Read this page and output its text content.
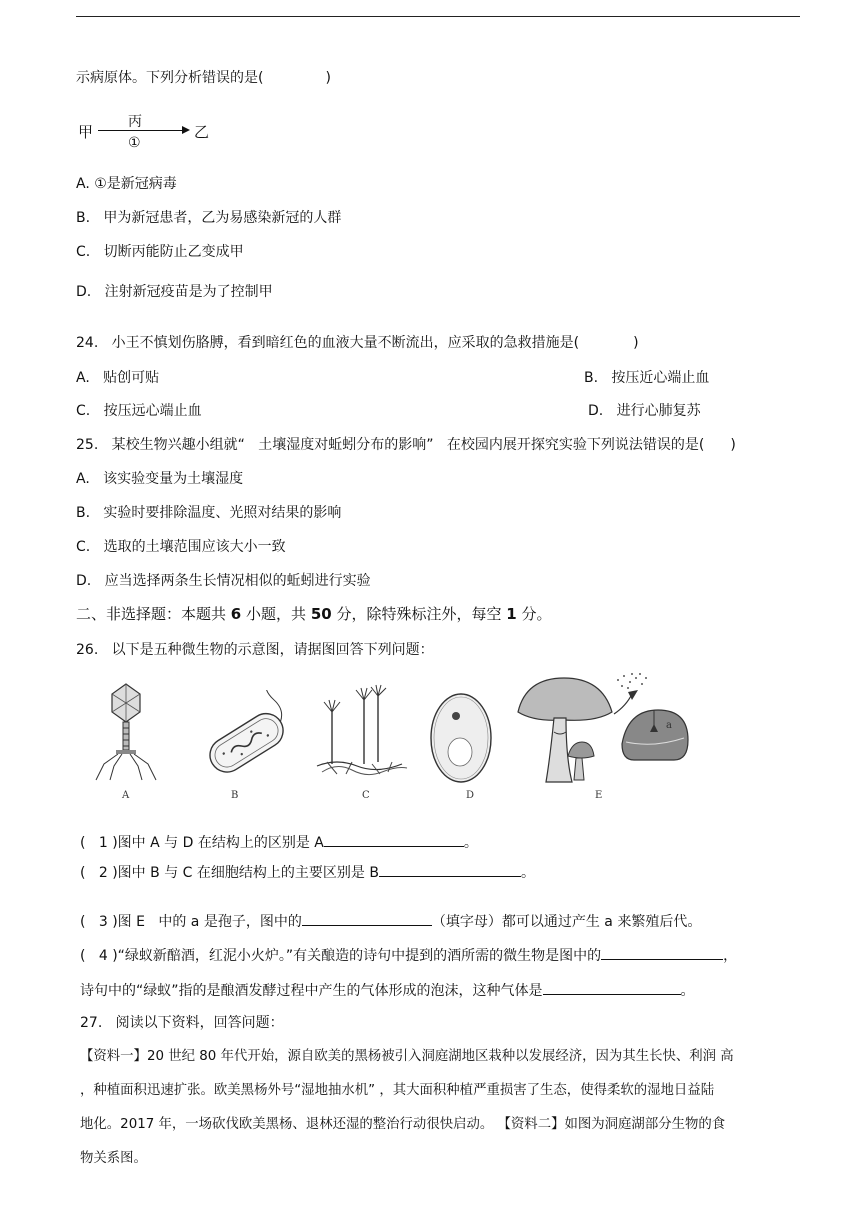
示病原体。下列分析错误的是(	)
甲
丙
①
乙
A. ①是新冠病毒
B. 甲为新冠患者，乙为易感染新冠的人群
C. 切断丙能防止乙变成甲
D. 注射新冠疫苗是为了控制甲
24. 小王不慎划伤胳膊，看到暗红色的血液大量不断流出，应采取的急救措施是(	)
A. 贴创可贴	B. 按压近心端止血
C. 按压远心端止血	D. 进行心肺复苏
25. 某校生物兴趣小组就“ 土壤湿度对蚯蚓分布的影响” 在校园内展开探究实验下列说法错误的是( )
A. 该实验变量为土壤湿度
B. 实验时要排除温度、光照对结果的影响
C. 选取的土壤范围应该大小一致
D. 应当选择两条生长情况相似的蚯蚓进行实验
二、非选择题：本题共 6 小题，共 50 分，除特殊标注外，每空 1 分。
26. 以下是五种微生物的示意图，请据图回答下列问题：
A	B	C	D	E
a
( 1 )图中 A 与 D 在结构上的区别是 A	。
( 2 )图中 B 与 C 在细胞结构上的主要区别是 B	。
( 3 )图 E 中的 a 是孢子，图中的	（填字母）都可以通过产生 a 来繁殖后代。
( 4 )“绿蚁新醅酒，红泥小火炉。”有关酿造的诗句中提到的酒所需的微生物是图中的	，
诗句中的“绿蚁”指的是酿酒发酵过程中产生的气体形成的泡沫，这种气体是	。
27. 阅读以下资料，回答问题：
【资料一】20 世纪 80 年代开始，源自欧美的黑杨被引入洞庭湖地区栽种以发展经济，因为其生长快、利润 高
，种植面积迅速扩张。欧美黑杨外号“湿地抽水机” ，其大面积种植严重损害了生态，使得柔软的湿地日益陆
地化。2017 年，一场砍伐欧美黑杨、退林还湿的整治行动很快启动。 【资料二】如图为洞庭湖部分生物的食
物关系图。
